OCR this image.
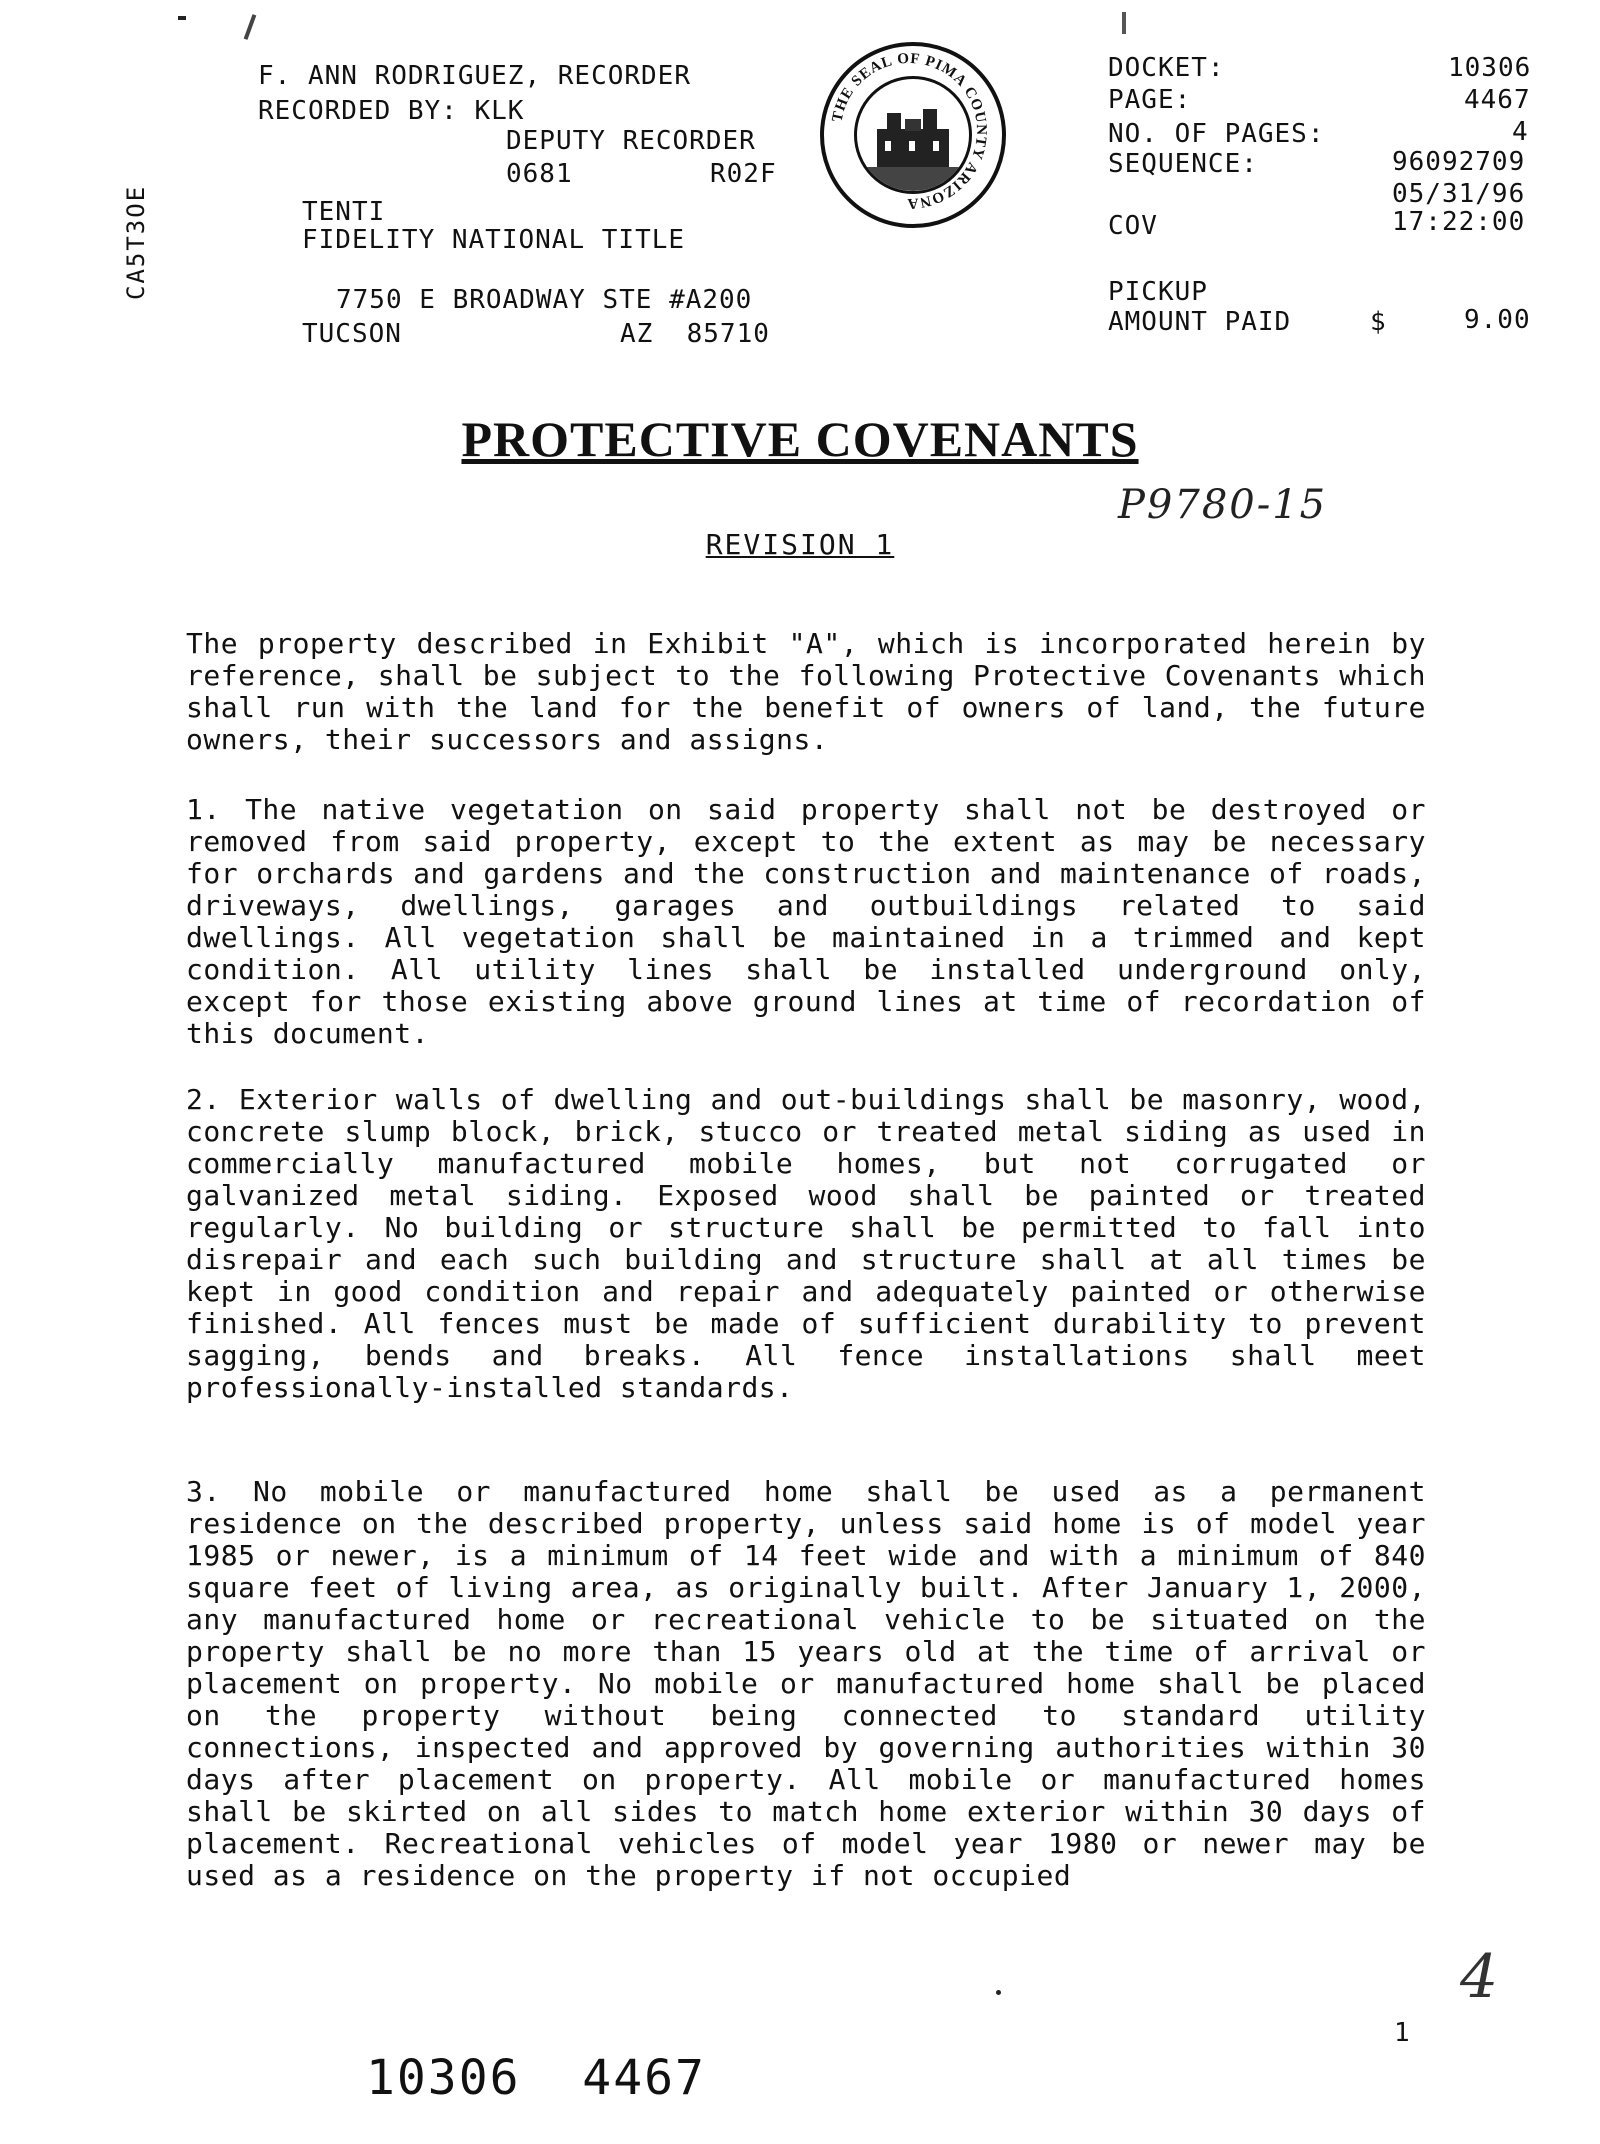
CA5T3OE
F. ANN RODRIGUEZ, RECORDER
RECORDED BY: KLK
DEPUTY RECORDER
0681	R02F
TENTI
FIDELITY NATIONAL TITLE
7750 E BROADWAY STE #A200
TUCSON	AZ  85710
THE SEAL OF PIMA COUNTY ARIZONA
DOCKET:	10306
PAGE:	4467
NO. OF PAGES:	4
SEQUENCE:	96092709
05/31/96
COV	17:22:00
PICKUP
AMOUNT PAID	$	9.00
PROTECTIVE COVENANTS
P9780-15
REVISION 1
The property described in Exhibit "A", which is incorporated herein by reference, shall be subject to the following Protective Covenants which shall run with the land for the benefit of owners of land, the future owners, their successors and assigns.
1. The native vegetation on said property shall not be destroyed or removed from said property, except to the extent as may be necessary for orchards and gardens and the construction and maintenance of roads, driveways, dwellings, garages and outbuildings related to said dwellings. All vegetation shall be maintained in a trimmed and kept condition. All utility lines shall be installed underground only, except for those existing above ground lines at time of recordation of this document.
2. Exterior walls of dwelling and out-buildings shall be masonry, wood, concrete slump block, brick, stucco or treated metal siding as used in commercially manufactured mobile homes, but not corrugated or galvanized metal siding. Exposed wood shall be painted or treated regularly. No building or structure shall be permitted to fall into disrepair and each such building and structure shall at all times be kept in good condition and repair and adequately painted or otherwise finished. All fences must be made of sufficient durability to prevent sagging, bends and breaks. All fence installations shall meet professionally-installed standards.
3. No mobile or manufactured home shall be used as a permanent residence on the described property, unless said home is of model year 1985 or newer, is a minimum of 14 feet wide and with a minimum of 840 square feet of living area, as originally built. After January 1, 2000, any manufactured home or recreational vehicle to be situated on the property shall be no more than 15 years old at the time of arrival or placement on property. No mobile or manufactured home shall be placed on the property without being connected to standard utility connections, inspected and approved by governing authorities within 30 days after placement on property. All mobile or manufactured homes shall be skirted on all sides to match home exterior within 30 days of placement. Recreational vehicles of model year 1980 or newer may be used as a residence on the property if not occupied
4
1
10306  4467
